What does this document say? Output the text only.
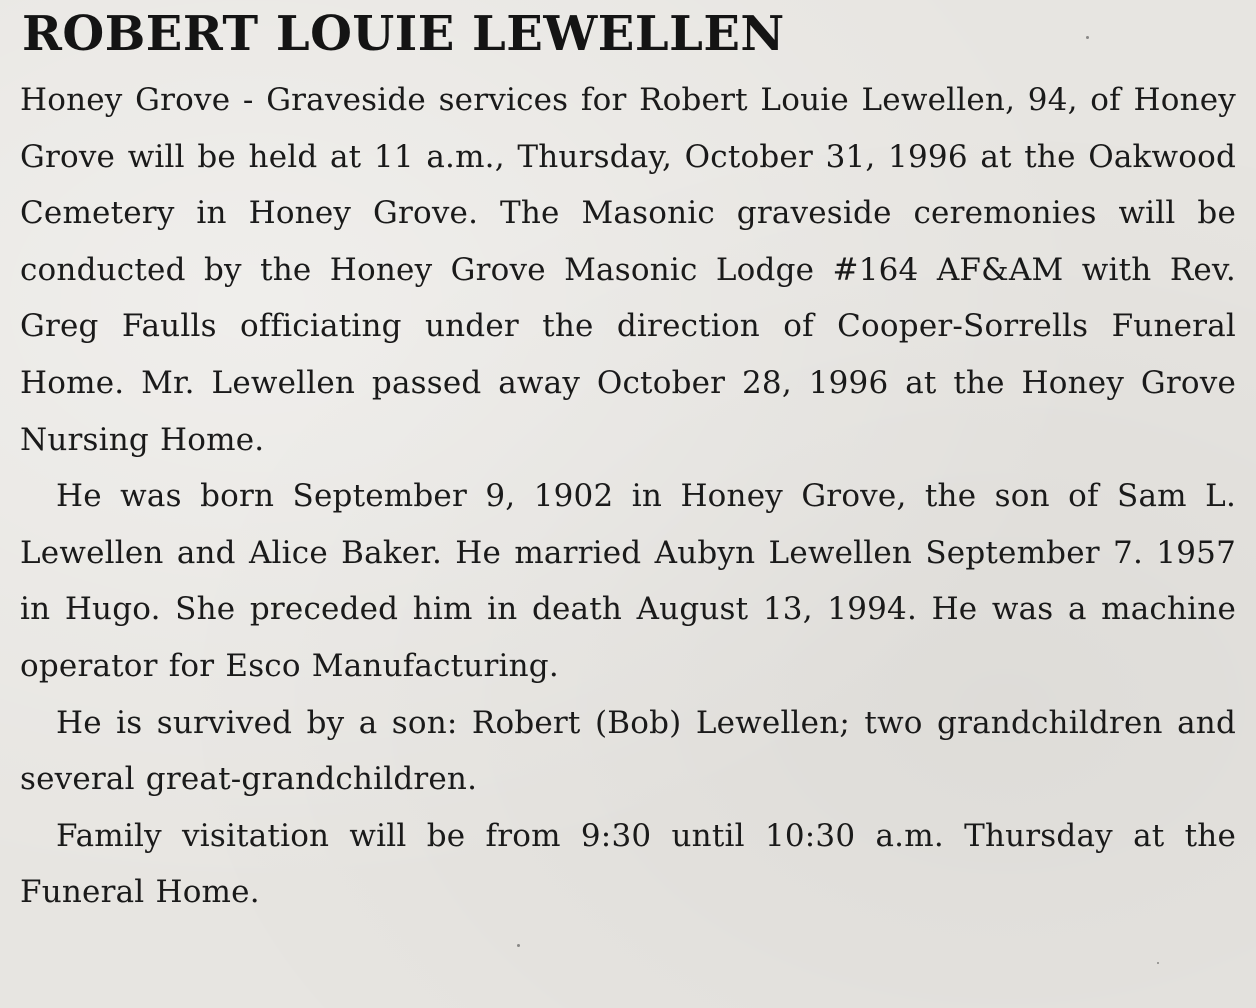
ROBERT LOUIE LEWELLEN

Honey Grove - Graveside services for Robert Louie Lewellen, 94, of Honey Grove will be held at 11 a.m., Thursday, October 31, 1996 at the Oakwood Cemetery in Honey Grove. The Masonic graveside ceremonies will be conducted by the Honey Grove Masonic Lodge #164 AF&AM with Rev. Greg Faulls officiating under the direction of Cooper-Sorrells Funeral Home. Mr. Lewellen passed away October 28, 1996 at the Honey Grove Nursing Home.

He was born September 9, 1902 in Honey Grove, the son of Sam L. Lewellen and Alice Baker. He married Aubyn Lewellen September 7. 1957 in Hugo. She preceded him in death August 13, 1994. He was a machine operator for Esco Manufacturing.

He is survived by a son: Robert (Bob) Lewellen; two grandchildren and several great-grandchildren.

Family visitation will be from 9:30 until 10:30 a.m. Thursday at the Funeral Home.
